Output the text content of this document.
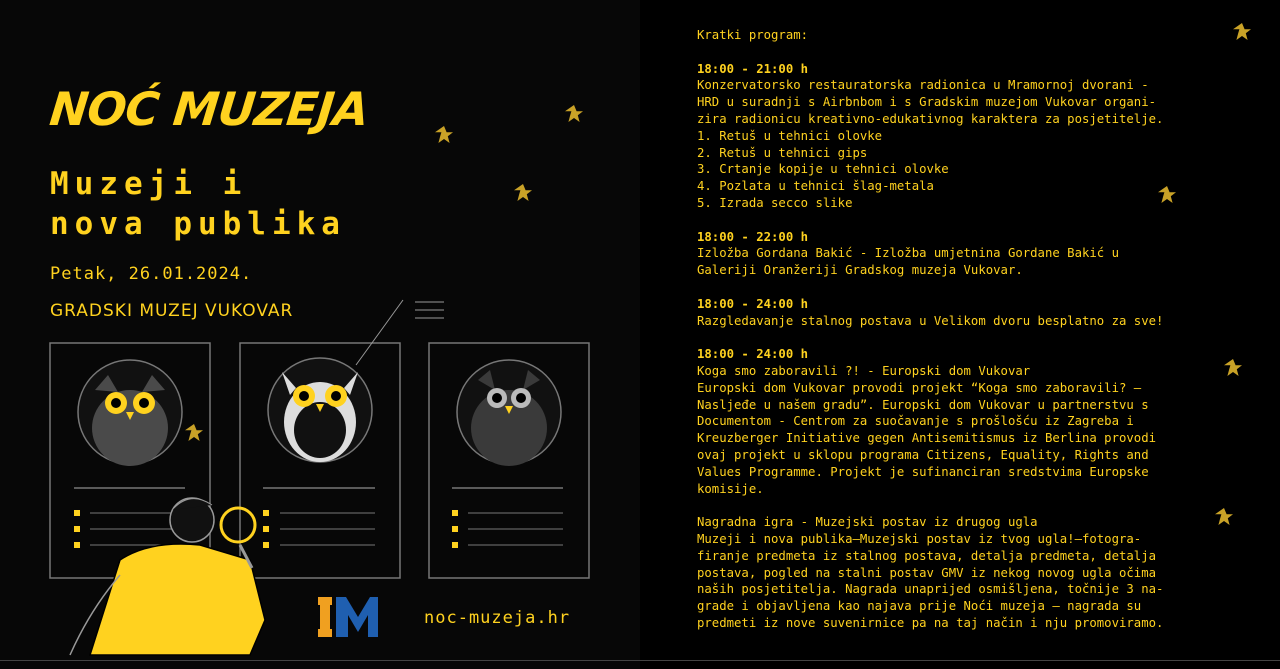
NOĆ MUZEJA
Muzeji i
nova publika
Petak, 26.01.2024.
GRADSKI MUZEJ VUKOVAR
noc-muzeja.hr
Kratki program:
18:00 - 21:00 h
Konzervatorsko restauratorska radionica u Mramornoj dvorani -
HRD u suradnji s Airbnbom i s Gradskim muzejom Vukovar organi-
zira radionicu kreativno-edukativnog karaktera za posjetitelje.
1. Retuš u tehnici olovke
2. Retuš u tehnici gips
3. Crtanje kopije u tehnici olovke
4. Pozlata u tehnici šlag-metala
5. Izrada secco slike
18:00 - 22:00 h
Izložba Gordana Bakić - Izložba umjetnina Gordane Bakić u
Galeriji Oranžeriji Gradskog muzeja Vukovar.
18:00 - 24:00 h
Razgledavanje stalnog postava u Velikom dvoru besplatno za sve!
18:00 - 24:00 h
Koga smo zaboravili ?! - Europski dom Vukovar
Europski dom Vukovar provodi projekt “Koga smo zaboravili? –
Nasljeđe u našem gradu”. Europski dom Vukovar u partnerstvu s
Documentom - Centrom za suočavanje s prošlošću iz Zagreba i
Kreuzberger Initiative gegen Antisemitismus iz Berlina provodi
ovaj projekt u sklopu programa Citizens, Equality, Rights and
Values Programme. Projekt je sufinanciran sredstvima Europske
komisije.
Nagradna igra - Muzejski postav iz drugog ugla
Muzeji i nova publika–Muzejski postav iz tvog ugla!–fotogra-
firanje predmeta iz stalnog postava, detalja predmeta, detalja
postava, pogled na stalni postav GMV iz nekog novog ugla očima
naših posjetitelja. Nagrada unaprijed osmišljena, točnije 3 na-
grade i objavljena kao najava prije Noći muzeja – nagrada su
predmeti iz nove suvenirnice pa na taj način i nju promoviramo.
